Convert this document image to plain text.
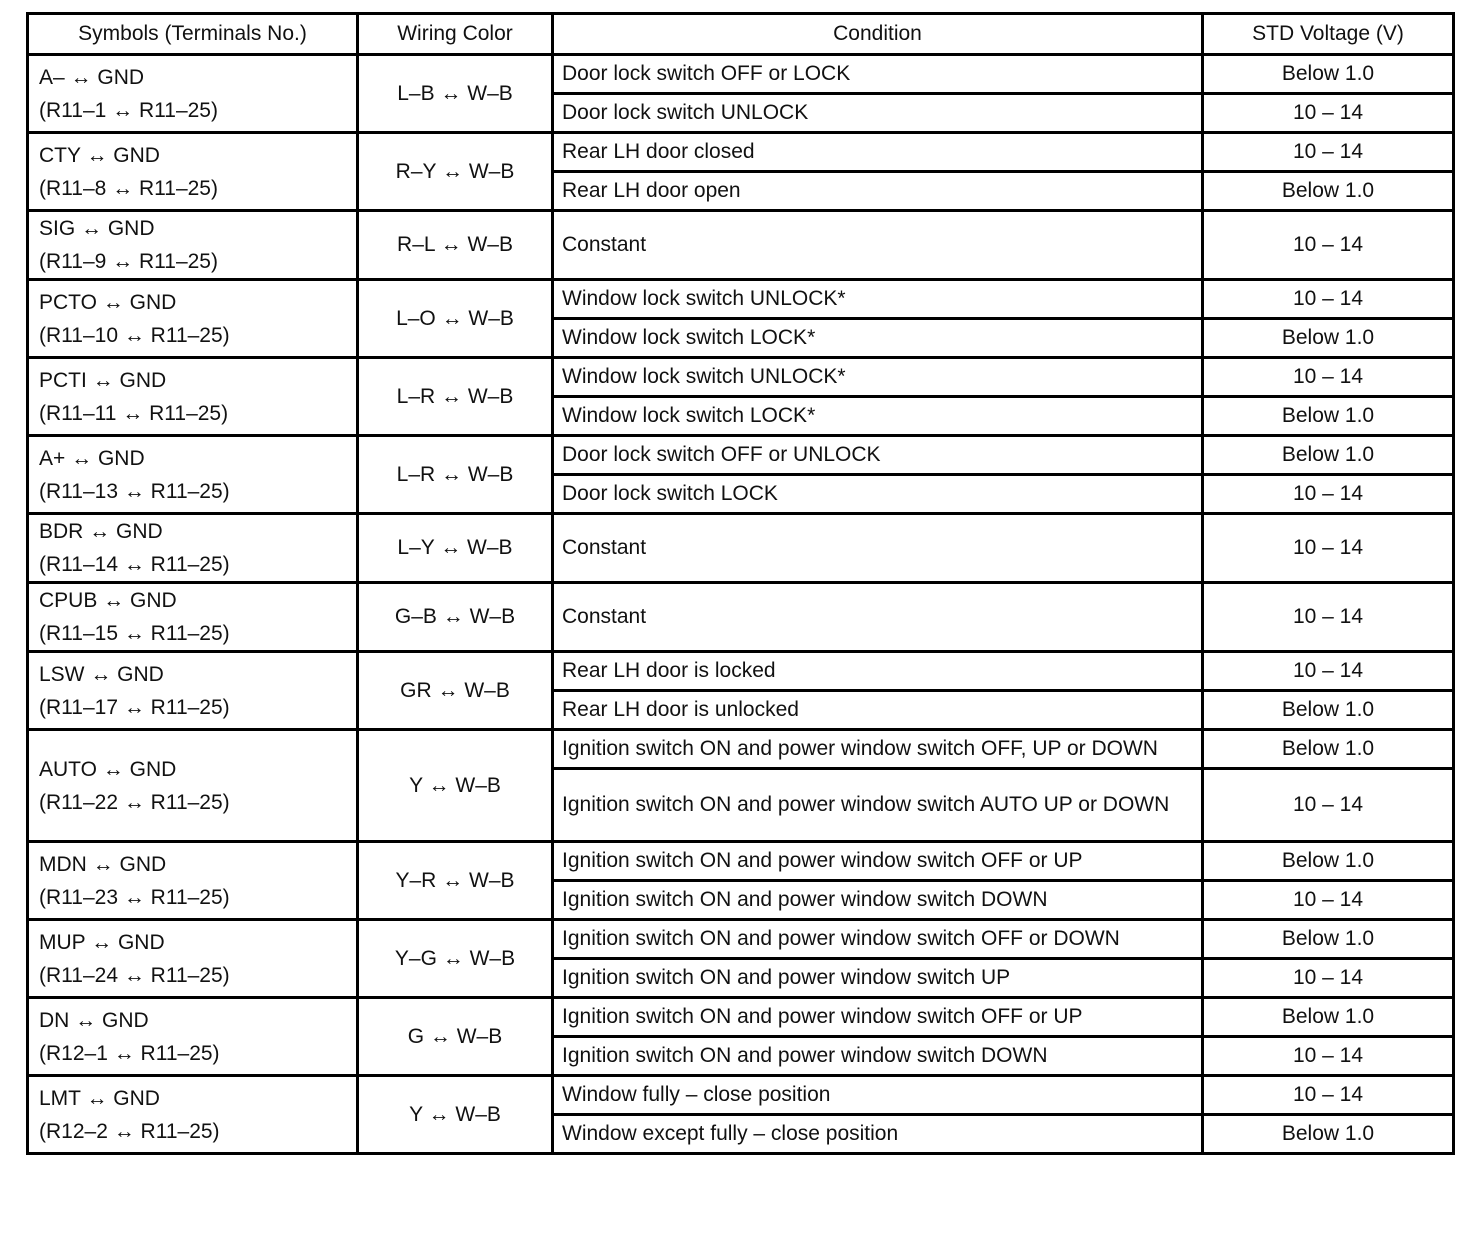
Symbols (Terminals No.)	Wiring Color	Condition	STD Voltage (V)

A– ↔ GND
(R11–1 ↔ R11–25)	L–B ↔ W–B	Door lock switch OFF or LOCK	Below 1.0
		Door lock switch UNLOCK	10 – 14

CTY ↔ GND
(R11–8 ↔ R11–25)	R–Y ↔ W–B	Rear LH door closed	10 – 14
		Rear LH door open	Below 1.0

SIG ↔ GND
(R11–9 ↔ R11–25)	R–L ↔ W–B	Constant	10 – 14

PCTO ↔ GND
(R11–10 ↔ R11–25)	L–O ↔ W–B	Window lock switch UNLOCK*	10 – 14
		Window lock switch LOCK*	Below 1.0

PCTI ↔ GND
(R11–11 ↔ R11–25)	L–R ↔ W–B	Window lock switch UNLOCK*	10 – 14
		Window lock switch LOCK*	Below 1.0

A+ ↔ GND
(R11–13 ↔ R11–25)	L–R ↔ W–B	Door lock switch OFF or UNLOCK	Below 1.0
		Door lock switch LOCK	10 – 14

BDR ↔ GND
(R11–14 ↔ R11–25)	L–Y ↔ W–B	Constant	10 – 14

CPUB ↔ GND
(R11–15 ↔ R11–25)	G–B ↔ W–B	Constant	10 – 14

LSW ↔ GND
(R11–17 ↔ R11–25)	GR ↔ W–B	Rear LH door is locked	10 – 14
		Rear LH door is unlocked	Below 1.0

AUTO ↔ GND
(R11–22 ↔ R11–25)	Y ↔ W–B	Ignition switch ON and power window switch OFF, UP or DOWN	Below 1.0
		Ignition switch ON and power window switch AUTO UP or DOWN	10 – 14

MDN ↔ GND
(R11–23 ↔ R11–25)	Y–R ↔ W–B	Ignition switch ON and power window switch OFF or UP	Below 1.0
		Ignition switch ON and power window switch DOWN	10 – 14

MUP ↔ GND
(R11–24 ↔ R11–25)	Y–G ↔ W–B	Ignition switch ON and power window switch OFF or DOWN	Below 1.0
		Ignition switch ON and power window switch UP	10 – 14

DN ↔ GND
(R12–1 ↔ R11–25)	G ↔ W–B	Ignition switch ON and power window switch OFF or UP	Below 1.0
		Ignition switch ON and power window switch DOWN	10 – 14

LMT ↔ GND
(R12–2 ↔ R11–25)	Y ↔ W–B	Window fully – close position	10 – 14
		Window except fully – close position	Below 1.0
